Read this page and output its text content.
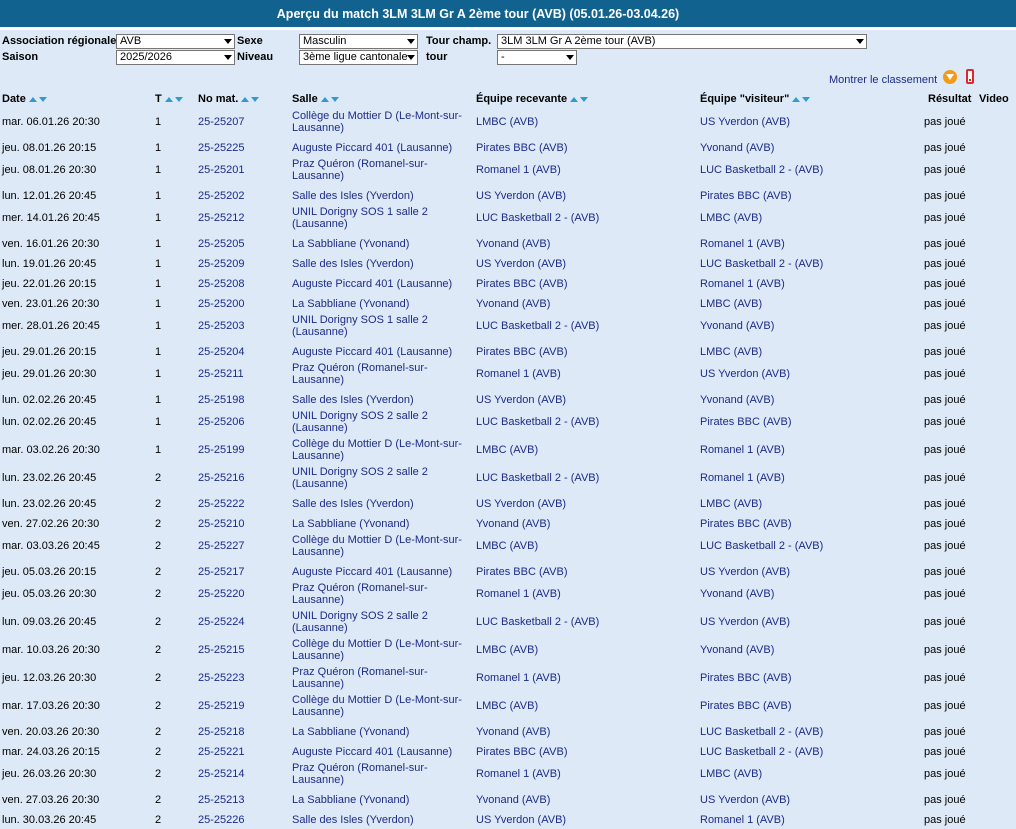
Aperçu du match 3LM 3LM Gr A 2ème tour (AVB) (05.01.26-03.04.26)
Association régionale AVB
Saison	2025/2026
Sexe	Masculin
Niveau	3ème ligue cantonale
Tour champ. 3LM 3LM Gr A 2ème tour (AVB)
tour	-
Montrer le classement
Date	T	No mat.	Salle	Équipe recevante	Équipe "visiteur"	Résultat Video
mar. 06.01.26 20:30	1	25-25207	Collège du Mottier D (Le-Mont-sur-Lausanne)	LMBC (AVB)	US Yverdon (AVB)	pas joué
jeu. 08.01.26 20:15	1	25-25225	Auguste Piccard 401 (Lausanne)	Pirates BBC (AVB)	Yvonand (AVB)	pas joué
jeu. 08.01.26 20:30	1	25-25201	Praz Quéron (Romanel-sur-Lausanne)	Romanel 1 (AVB)	LUC Basketball 2 - (AVB)	pas joué
lun. 12.01.26 20:45	1	25-25202	Salle des Isles (Yverdon)	US Yverdon (AVB)	Pirates BBC (AVB)	pas joué
mer. 14.01.26 20:45	1	25-25212	UNIL Dorigny SOS 1 salle 2 (Lausanne)	LUC Basketball 2 - (AVB)	LMBC (AVB)	pas joué
ven. 16.01.26 20:30	1	25-25205	La Sabbliane (Yvonand)	Yvonand (AVB)	Romanel 1 (AVB)	pas joué
lun. 19.01.26 20:45	1	25-25209	Salle des Isles (Yverdon)	US Yverdon (AVB)	LUC Basketball 2 - (AVB)	pas joué
jeu. 22.01.26 20:15	1	25-25208	Auguste Piccard 401 (Lausanne)	Pirates BBC (AVB)	Romanel 1 (AVB)	pas joué
ven. 23.01.26 20:30	1	25-25200	La Sabbliane (Yvonand)	Yvonand (AVB)	LMBC (AVB)	pas joué
mer. 28.01.26 20:45	1	25-25203	UNIL Dorigny SOS 1 salle 2 (Lausanne)	LUC Basketball 2 - (AVB)	Yvonand (AVB)	pas joué
jeu. 29.01.26 20:15	1	25-25204	Auguste Piccard 401 (Lausanne)	Pirates BBC (AVB)	LMBC (AVB)	pas joué
jeu. 29.01.26 20:30	1	25-25211	Praz Quéron (Romanel-sur-Lausanne)	Romanel 1 (AVB)	US Yverdon (AVB)	pas joué
lun. 02.02.26 20:45	1	25-25198	Salle des Isles (Yverdon)	US Yverdon (AVB)	Yvonand (AVB)	pas joué
lun. 02.02.26 20:45	1	25-25206	UNIL Dorigny SOS 2 salle 2 (Lausanne)	LUC Basketball 2 - (AVB)	Pirates BBC (AVB)	pas joué
mar. 03.02.26 20:30	1	25-25199	Collège du Mottier D (Le-Mont-sur-Lausanne)	LMBC (AVB)	Romanel 1 (AVB)	pas joué
lun. 23.02.26 20:45	2	25-25216	UNIL Dorigny SOS 2 salle 2 (Lausanne)	LUC Basketball 2 - (AVB)	Romanel 1 (AVB)	pas joué
lun. 23.02.26 20:45	2	25-25222	Salle des Isles (Yverdon)	US Yverdon (AVB)	LMBC (AVB)	pas joué
ven. 27.02.26 20:30	2	25-25210	La Sabbliane (Yvonand)	Yvonand (AVB)	Pirates BBC (AVB)	pas joué
mar. 03.03.26 20:45	2	25-25227	Collège du Mottier D (Le-Mont-sur-Lausanne)	LMBC (AVB)	LUC Basketball 2 - (AVB)	pas joué
jeu. 05.03.26 20:15	2	25-25217	Auguste Piccard 401 (Lausanne)	Pirates BBC (AVB)	US Yverdon (AVB)	pas joué
jeu. 05.03.26 20:30	2	25-25220	Praz Quéron (Romanel-sur-Lausanne)	Romanel 1 (AVB)	Yvonand (AVB)	pas joué
lun. 09.03.26 20:45	2	25-25224	UNIL Dorigny SOS 2 salle 2 (Lausanne)	LUC Basketball 2 - (AVB)	US Yverdon (AVB)	pas joué
mar. 10.03.26 20:30	2	25-25215	Collège du Mottier D (Le-Mont-sur-Lausanne)	LMBC (AVB)	Yvonand (AVB)	pas joué
jeu. 12.03.26 20:30	2	25-25223	Praz Quéron (Romanel-sur-Lausanne)	Romanel 1 (AVB)	Pirates BBC (AVB)	pas joué
mar. 17.03.26 20:30	2	25-25219	Collège du Mottier D (Le-Mont-sur-Lausanne)	LMBC (AVB)	Pirates BBC (AVB)	pas joué
ven. 20.03.26 20:30	2	25-25218	La Sabbliane (Yvonand)	Yvonand (AVB)	LUC Basketball 2 - (AVB)	pas joué
mar. 24.03.26 20:15	2	25-25221	Auguste Piccard 401 (Lausanne)	Pirates BBC (AVB)	LUC Basketball 2 - (AVB)	pas joué
jeu. 26.03.26 20:30	2	25-25214	Praz Quéron (Romanel-sur-Lausanne)	Romanel 1 (AVB)	LMBC (AVB)	pas joué
ven. 27.03.26 20:30	2	25-25213	La Sabbliane (Yvonand)	Yvonand (AVB)	US Yverdon (AVB)	pas joué
lun. 30.03.26 20:45	2	25-25226	Salle des Isles (Yverdon)	US Yverdon (AVB)	Romanel 1 (AVB)	pas joué
